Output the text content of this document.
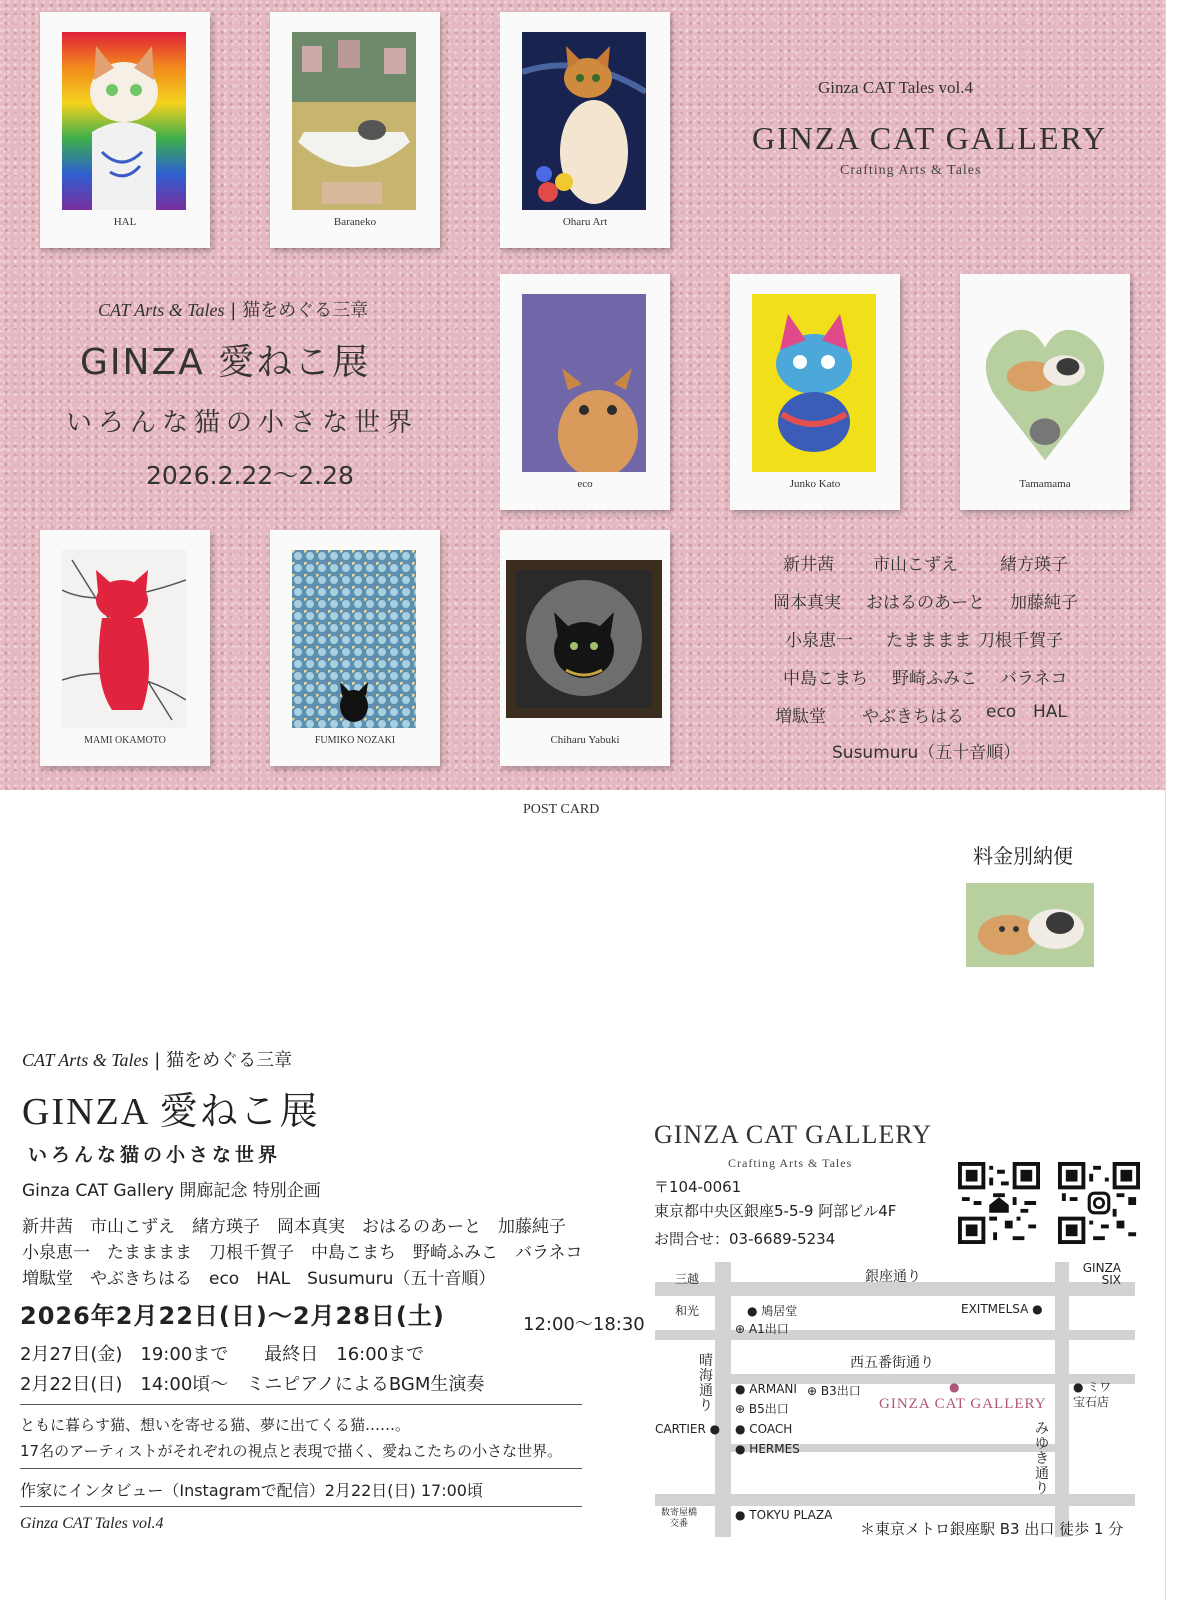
HAL	Baraneko	Oharu Art
Ginza CAT Tales vol.4
GINZA CAT GALLERY
Crafting Arts & Tales
CAT Arts & Tales | 猫をめぐる三章
GINZA 愛ねこ展
いろんな猫の小さな世界
2026.2.22〜2.28	eco	Junko Kato	Tamamama
MAMI OKAMOTO	FUMIKO NOZAKI	Chiharu Yabuki
新井茜 市山こずえ 緒方瑛子
岡本真実 おはるのあーと 加藤純子
小泉恵一 たまままま 刀根千賀子
中島こまち 野崎ふみこ バラネコ
増駄堂 やぶきちはる eco HAL
Susumuru（五十音順）
POST CARD
料金別納便
CAT Arts & Tales | 猫をめぐる三章
GINZA 愛ねこ展
いろんな猫の小さな世界
Ginza CAT Gallery 開廊記念 特別企画
新井茜　市山こずえ　緒方瑛子　岡本真実　おはるのあーと　加藤純子
小泉恵一　たまままま　刀根千賀子　中島こまち　野崎ふみこ　バラネコ
増駄堂　やぶきちはる　eco　HAL　Susumuru（五十音順）
2026年2月22日(日)〜2月28日(土)	12:00〜18:30
2月27日(金)　19:00まで　　最終日　16:00まで
2月22日(日)　14:00頃〜　ミニピアノによるBGM生演奏
ともに暮らす猫、想いを寄せる猫、夢に出てくる猫……。
17名のアーティストがそれぞれの視点と表現で描く、愛ねこたちの小さな世界。
作家にインタビュー（Instagramで配信）2月22日(日) 17:00頃
Ginza CAT Tales vol.4
GINZA CAT GALLERY
Crafting Arts & Tales
〒104-0061
東京都中央区銀座5-5-9 阿部ビル4F
お問合せ：03-6689-5234
銀座通り
西五番街通り
晴海通り
みゆき通り
三越
和光
GINZA SIX
● 鳩居堂
⊕ A1出口
EXITMELSA ●
● ARMANI ⊕ B3出口
⊕ B5出口	GINZA CAT GALLERY
●	● ミワ宝石店
CARTIER ● ● COACH
● HERMES
数寄屋橋交番
● TOKYU PLAZA
＊東京メトロ銀座駅 B3 出口 徒歩 1 分
